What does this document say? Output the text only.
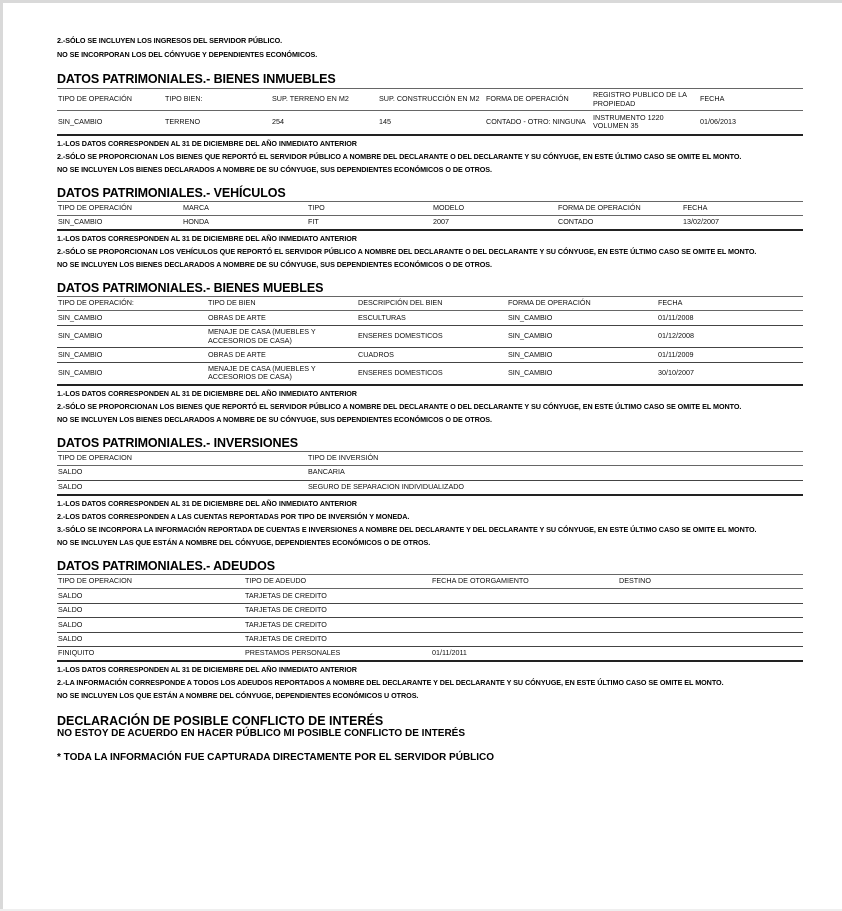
2.-SÓLO SE INCLUYEN LOS INGRESOS DEL SERVIDOR PÚBLICO.

NO SE INCORPORAN LOS DEL CÓNYUGE Y DEPENDIENTES ECONÓMICOS.

DATOS PATRIMONIALES.- BIENES INMUEBLES
TIPO DE OPERACIÓN	TIPO BIEN:	SUP. TERRENO EN M2	SUP. CONSTRUCCIÓN EN M2	FORMA DE OPERACIÓN	REGISTRO PUBLICO DE LA PROPIEDAD	FECHA
SIN_CAMBIO	TERRENO	254	145	CONTADO - OTRO: NINGUNA	INSTRUMENTO 1220 VOLUMEN 35	01/06/2013

1.-LOS DATOS CORRESPONDEN AL 31 DE DICIEMBRE DEL AÑO INMEDIATO ANTERIOR

2.-SÓLO SE PROPORCIONAN LOS BIENES QUE REPORTÓ EL SERVIDOR PÚBLICO A NOMBRE DEL DECLARANTE O DEL DECLARANTE Y SU CÓNYUGE, EN ESTE ÚLTIMO CASO SE OMITE EL MONTO.

NO SE INCLUYEN LOS BIENES DECLARADOS A NOMBRE DE SU CÓNYUGE, SUS DEPENDIENTES ECONÓMICOS O DE OTROS.

DATOS PATRIMONIALES.- VEHÍCULOS
TIPO DE OPERACIÓN	MARCA	TIPO	MODELO	FORMA DE OPERACIÓN	FECHA
SIN_CAMBIO	HONDA	FIT	2007	CONTADO	13/02/2007

1.-LOS DATOS CORRESPONDEN AL 31 DE DICIEMBRE DEL AÑO INMEDIATO ANTERIOR

2.-SÓLO SE PROPORCIONAN LOS VEHÍCULOS QUE REPORTÓ EL SERVIDOR PÚBLICO A NOMBRE DEL DECLARANTE O DEL DECLARANTE Y SU CÓNYUGE, EN ESTE ÚLTIMO CASO SE OMITE EL MONTO.

NO SE INCLUYEN LOS BIENES DECLARADOS A NOMBRE DE SU CÓNYUGE, SUS DEPENDIENTES ECONÓMICOS O DE OTROS.

DATOS PATRIMONIALES.- BIENES MUEBLES
TIPO DE OPERACIÓN:	TIPO DE BIEN	DESCRIPCIÓN DEL BIEN	FORMA DE OPERACIÓN	FECHA
SIN_CAMBIO	OBRAS DE ARTE	ESCULTURAS	SIN_CAMBIO	01/11/2008
SIN_CAMBIO	MENAJE DE CASA (MUEBLES Y ACCESORIOS DE CASA)	ENSERES DOMESTICOS	SIN_CAMBIO	01/12/2008
SIN_CAMBIO	OBRAS DE ARTE	CUADROS	SIN_CAMBIO	01/11/2009
SIN_CAMBIO	MENAJE DE CASA (MUEBLES Y ACCESORIOS DE CASA)	ENSERES DOMESTICOS	SIN_CAMBIO	30/10/2007

1.-LOS DATOS CORRESPONDEN AL 31 DE DICIEMBRE DEL AÑO INMEDIATO ANTERIOR

2.-SÓLO SE PROPORCIONAN LOS BIENES QUE REPORTÓ EL SERVIDOR PÚBLICO A NOMBRE DEL DECLARANTE O DEL DECLARANTE Y SU CÓNYUGE, EN ESTE ÚLTIMO CASO SE OMITE EL MONTO.

NO SE INCLUYEN LOS BIENES DECLARADOS A NOMBRE DE SU CÓNYUGE, SUS DEPENDIENTES ECONÓMICOS O DE OTROS.

DATOS PATRIMONIALES.- INVERSIONES
TIPO DE OPERACION	TIPO DE INVERSIÓN
SALDO	BANCARIA
SALDO	SEGURO DE SEPARACION INDIVIDUALIZADO

1.-LOS DATOS CORRESPONDEN AL 31 DE DICIEMBRE DEL AÑO INMEDIATO ANTERIOR

2.-LOS DATOS CORRESPONDEN A LAS CUENTAS REPORTADAS POR TIPO DE INVERSIÓN Y MONEDA.

3.-SÓLO SE INCORPORA LA INFORMACIÓN REPORTADA DE CUENTAS E INVERSIONES A NOMBRE DEL DECLARANTE Y DEL DECLARANTE Y SU CÓNYUGE, EN ESTE ÚLTIMO CASO SE OMITE EL MONTO.

NO SE INCLUYEN LAS QUE ESTÁN A NOMBRE DEL CÓNYUGE, DEPENDIENTES ECONÓMICOS O DE OTROS.

DATOS PATRIMONIALES.- ADEUDOS
TIPO DE OPERACION	TIPO DE ADEUDO	FECHA DE OTORGAMIENTO	DESTINO
SALDO	TARJETAS DE CREDITO		
SALDO	TARJETAS DE CREDITO		
SALDO	TARJETAS DE CREDITO		
SALDO	TARJETAS DE CREDITO		
FINIQUITO	PRESTAMOS PERSONALES	01/11/2011	

1.-LOS DATOS CORRESPONDEN AL 31 DE DICIEMBRE DEL AÑO INMEDIATO ANTERIOR

2.-LA INFORMACIÓN CORRESPONDE A TODOS LOS ADEUDOS REPORTADOS A NOMBRE DEL DECLARANTE Y DEL DECLARANTE Y SU CÓNYUGE, EN ESTE ÚLTIMO CASO SE OMITE EL MONTO.

NO SE INCLUYEN LOS QUE ESTÁN A NOMBRE DEL CÓNYUGE, DEPENDIENTES ECONÓMICOS U OTROS.

DECLARACIÓN DE POSIBLE CONFLICTO DE INTERÉS

NO ESTOY DE ACUERDO EN HACER PÚBLICO MI POSIBLE CONFLICTO DE INTERÉS

* TODA LA INFORMACIÓN FUE CAPTURADA DIRECTAMENTE POR EL SERVIDOR PÚBLICO
